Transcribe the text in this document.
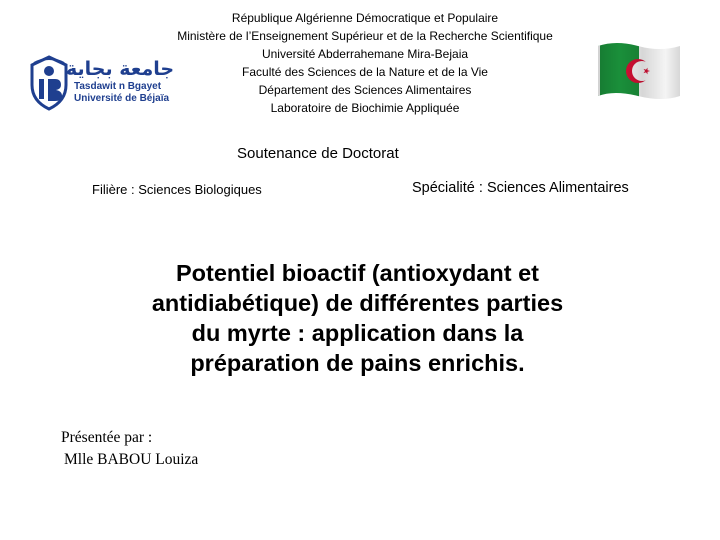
République Algérienne Démocratique et Populaire
Ministère de l’Enseignement Supérieur et de la Recherche Scientifique
Université Abderrahemane Mira-Bejaia
Faculté des Sciences de la Nature et de la Vie
Département des Sciences Alimentaires
Laboratoire de Biochimie Appliquée
جامعة بجاية
Tasdawit n Bgayet
Université de Béjaïa
Soutenance de Doctorat
Filière : Sciences Biologiques	Spécialité : Sciences Alimentaires
Potentiel bioactif (antioxydant et
antidiabétique) de différentes parties
du myrte : application dans la
préparation de pains enrichis.
Présentée par :
Mlle BABOU Louiza
